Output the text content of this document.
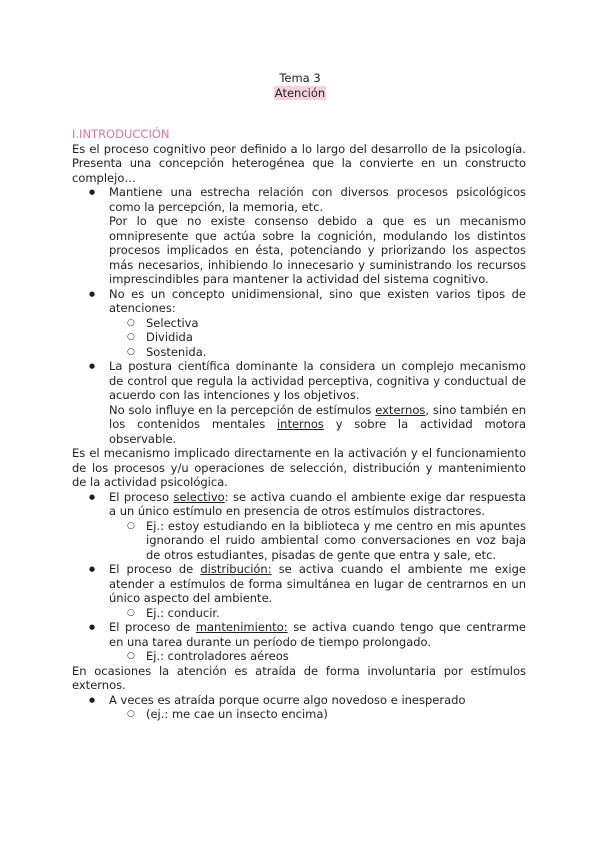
Tema 3
Atención
I.INTRODUCCIÓN

Es el proceso cognitivo peor definido a lo largo del desarrollo de la psicología. Presenta una concepción heterogénea que la convierte en un constructo complejo…

● Mantiene una estrecha relación con diversos procesos psicológicos como la percepción, la memoria, etc.

Por lo que no existe consenso debido a que es un mecanismo omnipresente que actúa sobre la cognición, modulando los distintos procesos implicados en ésta, potenciando y priorizando los aspectos más necesarios, inhibiendo lo innecesario y suministrando los recursos imprescindibles para mantener la actividad del sistema cognitivo.

● No es un concepto unidimensional, sino que existen varios tipos de atenciones:
○ Selectiva
○ Dividida
○ Sostenida.
● La postura científica dominante la considera un complejo mecanismo de control que regula la actividad perceptiva, cognitiva y conductual de acuerdo con las intenciones y los objetivos.

No solo influye en la percepción de estímulos externos, sino también en los contenidos mentales internos y sobre la actividad motora observable.

Es el mecanismo implicado directamente en la activación y el funcionamiento de los procesos y/u operaciones de selección, distribución y mantenimiento de la actividad psicológica.

● El proceso selectivo: se activa cuando el ambiente exige dar respuesta a un único estímulo en presencia de otros estímulos distractores.
○ Ej.: estoy estudiando en la biblioteca y me centro en mis apuntes ignorando el ruido ambiental como conversaciones en voz baja de otros estudiantes, pisadas de gente que entra y sale, etc.
● El proceso de distribución: se activa cuando el ambiente me exige atender a estímulos de forma simultánea en lugar de centrarnos en un único aspecto del ambiente.
○ Ej.: conducir.
● El proceso de mantenimiento: se activa cuando tengo que centrarme en una tarea durante un período de tiempo prolongado.
○ Ej.: controladores aéreos

En ocasiones la atención es atraída de forma involuntaria por estímulos externos.

● A veces es atraída porque ocurre algo novedoso e inesperado
○ (ej.: me cae un insecto encima)
